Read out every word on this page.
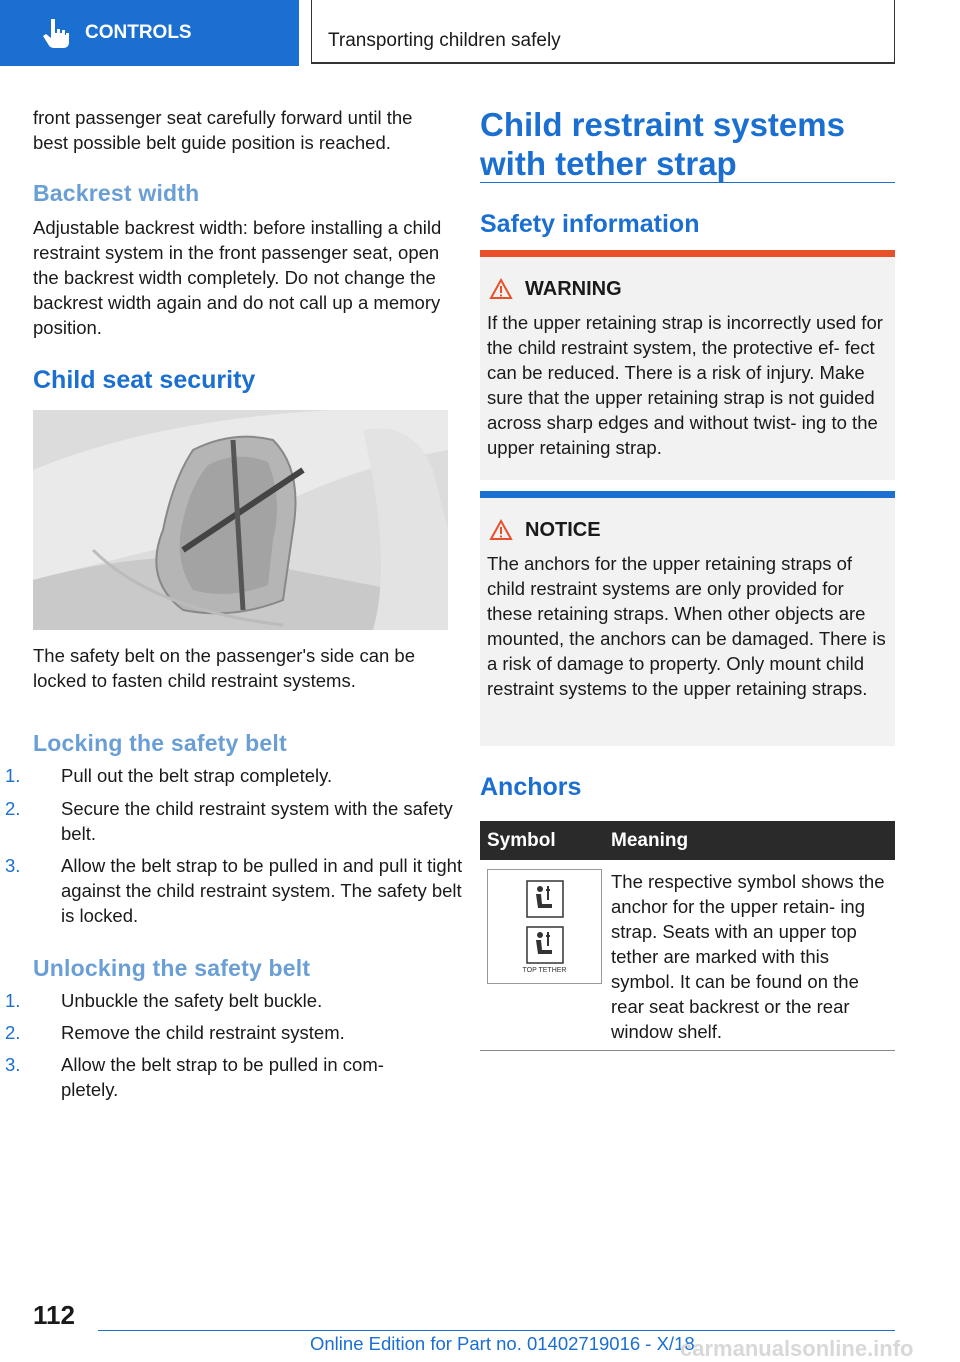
CONTROLS	Transporting children safely

front passenger seat carefully forward until the best possible belt guide position is reached.

Backrest width

Adjustable backrest width: before installing a child restraint system in the front passenger seat, open the backrest width completely. Do not change the backrest width again and do not call up a memory position.

Child seat security

The safety belt on the passenger's side can be locked to fasten child restraint systems.

Locking the safety belt
1. Pull out the belt strap completely.
2. Secure the child restraint system with the safety belt.
3. Allow the belt strap to be pulled in and pull it tight against the child restraint system. The safety belt is locked.
Unlocking the safety belt
1. Unbuckle the safety belt buckle.
2. Remove the child restraint system.
3. Allow the belt strap to be pulled in com- pletely.
Child restraint systems with tether strap
Safety information
WARNING
If the upper retaining strap is incorrectly used for the child restraint system, the protective ef- fect can be reduced. There is a risk of injury. Make sure that the upper retaining strap is not guided across sharp edges and without twist- ing to the upper retaining strap.
NOTICE
The anchors for the upper retaining straps of child restraint systems are only provided for these retaining straps. When other objects are mounted, the anchors can be damaged. There is a risk of damage to property. Only mount child restraint systems to the upper retaining straps.
Anchors
Symbol	Meaning
TOP TETHER

The respective symbol shows the anchor for the upper retain- ing strap. Seats with an upper top tether are marked with this symbol. It can be found on the rear seat backrest or the rear window shelf.

112
Online Edition for Part no. 01402719016 - X/18
carmanualsonline.info
